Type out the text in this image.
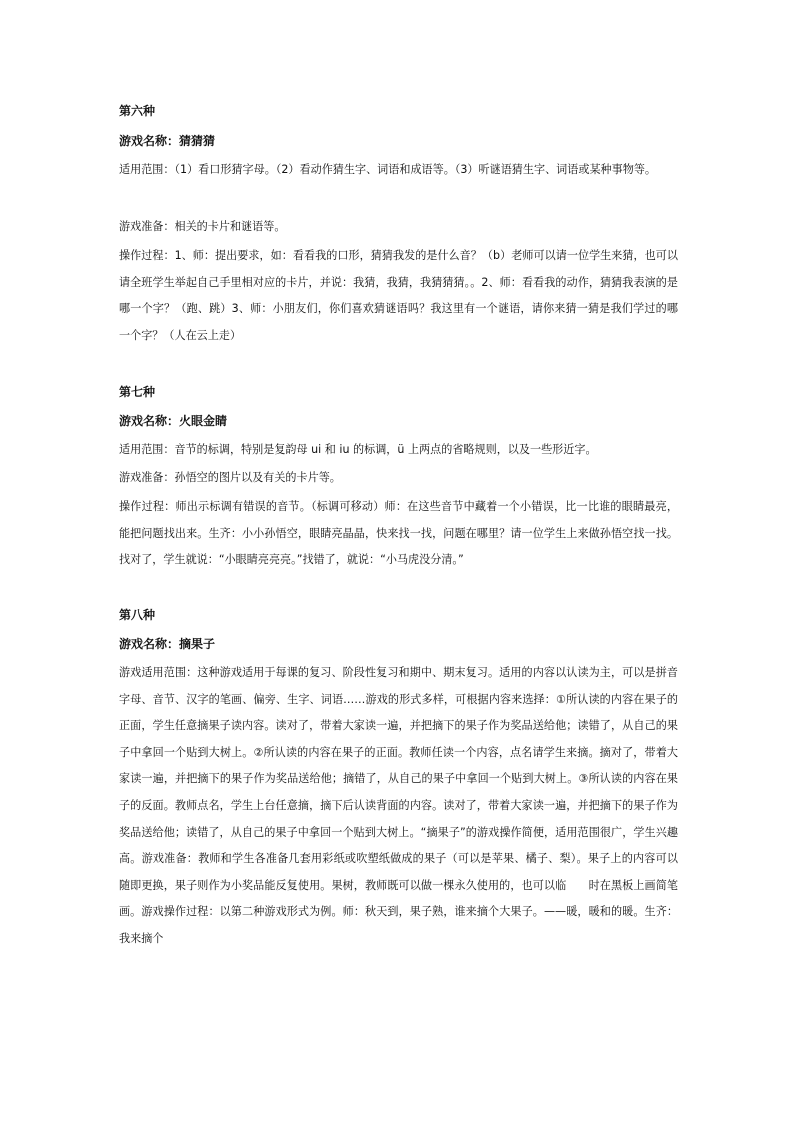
第六种

游戏名称：猜猜猜

适用范围：（1）看口形猜字母。（2）看动作猜生字、词语和成语等。（3）听谜语猜生字、词语或某种事物等。

游戏准备：相关的卡片和谜语等。

操作过程：1、师：提出要求，如：看看我的口形，猜猜我发的是什么音？（b）老师可以请一位学生来猜，也可以请全班学生举起自己手里相对应的卡片，并说：我猜，我猜，我猜猜猜。。2、师：看看我的动作，猜猜我表演的是哪一个字？（跑、跳）3、师：小朋友们，你们喜欢猜谜语吗？我这里有一个谜语，请你来猜一猜是我们学过的哪一个字？（人在云上走）

第七种

游戏名称：火眼金睛

适用范围：音节的标调，特别是复韵母 ui 和 iu 的标调，ü 上两点的省略规则，以及一些形近字。

游戏准备：孙悟空的图片以及有关的卡片等。

操作过程：师出示标调有错误的音节。（标调可移动）师：在这些音节中藏着一个小错误，比一比谁的眼睛最亮，能把问题找出来。生齐：小小孙悟空，眼睛亮晶晶，快来找一找，问题在哪里？请一位学生上来做孙悟空找一找。找对了，学生就说：“小眼睛亮亮亮。”找错了，就说：“小马虎没分清。”

第八种

游戏名称：摘果子

游戏适用范围：这种游戏适用于每课的复习、阶段性复习和期中、期末复习。适用的内容以认读为主，可以是拼音字母、音节、汉字的笔画、偏旁、生字、词语……游戏的形式多样，可根据内容来选择：①所认读的内容在果子的正面，学生任意摘果子读内容。读对了，带着大家读一遍，并把摘下的果子作为奖品送给他；读错了，从自己的果子中拿回一个贴到大树上。②所认读的内容在果子的正面。教师任读一个内容，点名请学生来摘。摘对了，带着大家读一遍，并把摘下的果子作为奖品送给他；摘错了，从自己的果子中拿回一个贴到大树上。③所认读的内容在果子的反面。教师点名，学生上台任意摘，摘下后认读背面的内容。读对了，带着大家读一遍，并把摘下的果子作为奖品送给他；读错了，从自己的果子中拿回一个贴到大树上。“摘果子”的游戏操作简便，适用范围很广，学生兴趣高。游戏准备：教师和学生各准备几套用彩纸或吹塑纸做成的果子（可以是苹果、橘子、梨）。果子上的内容可以随即更换，果子则作为小奖品能反复使用。果树，教师既可以做一棵永久使用的，也可以临　　时在黑板上画简笔画。游戏操作过程：以第二种游戏形式为例。师：秋天到，果子熟，谁来摘个大果子。——暖，暖和的暖。生齐：我来摘个
